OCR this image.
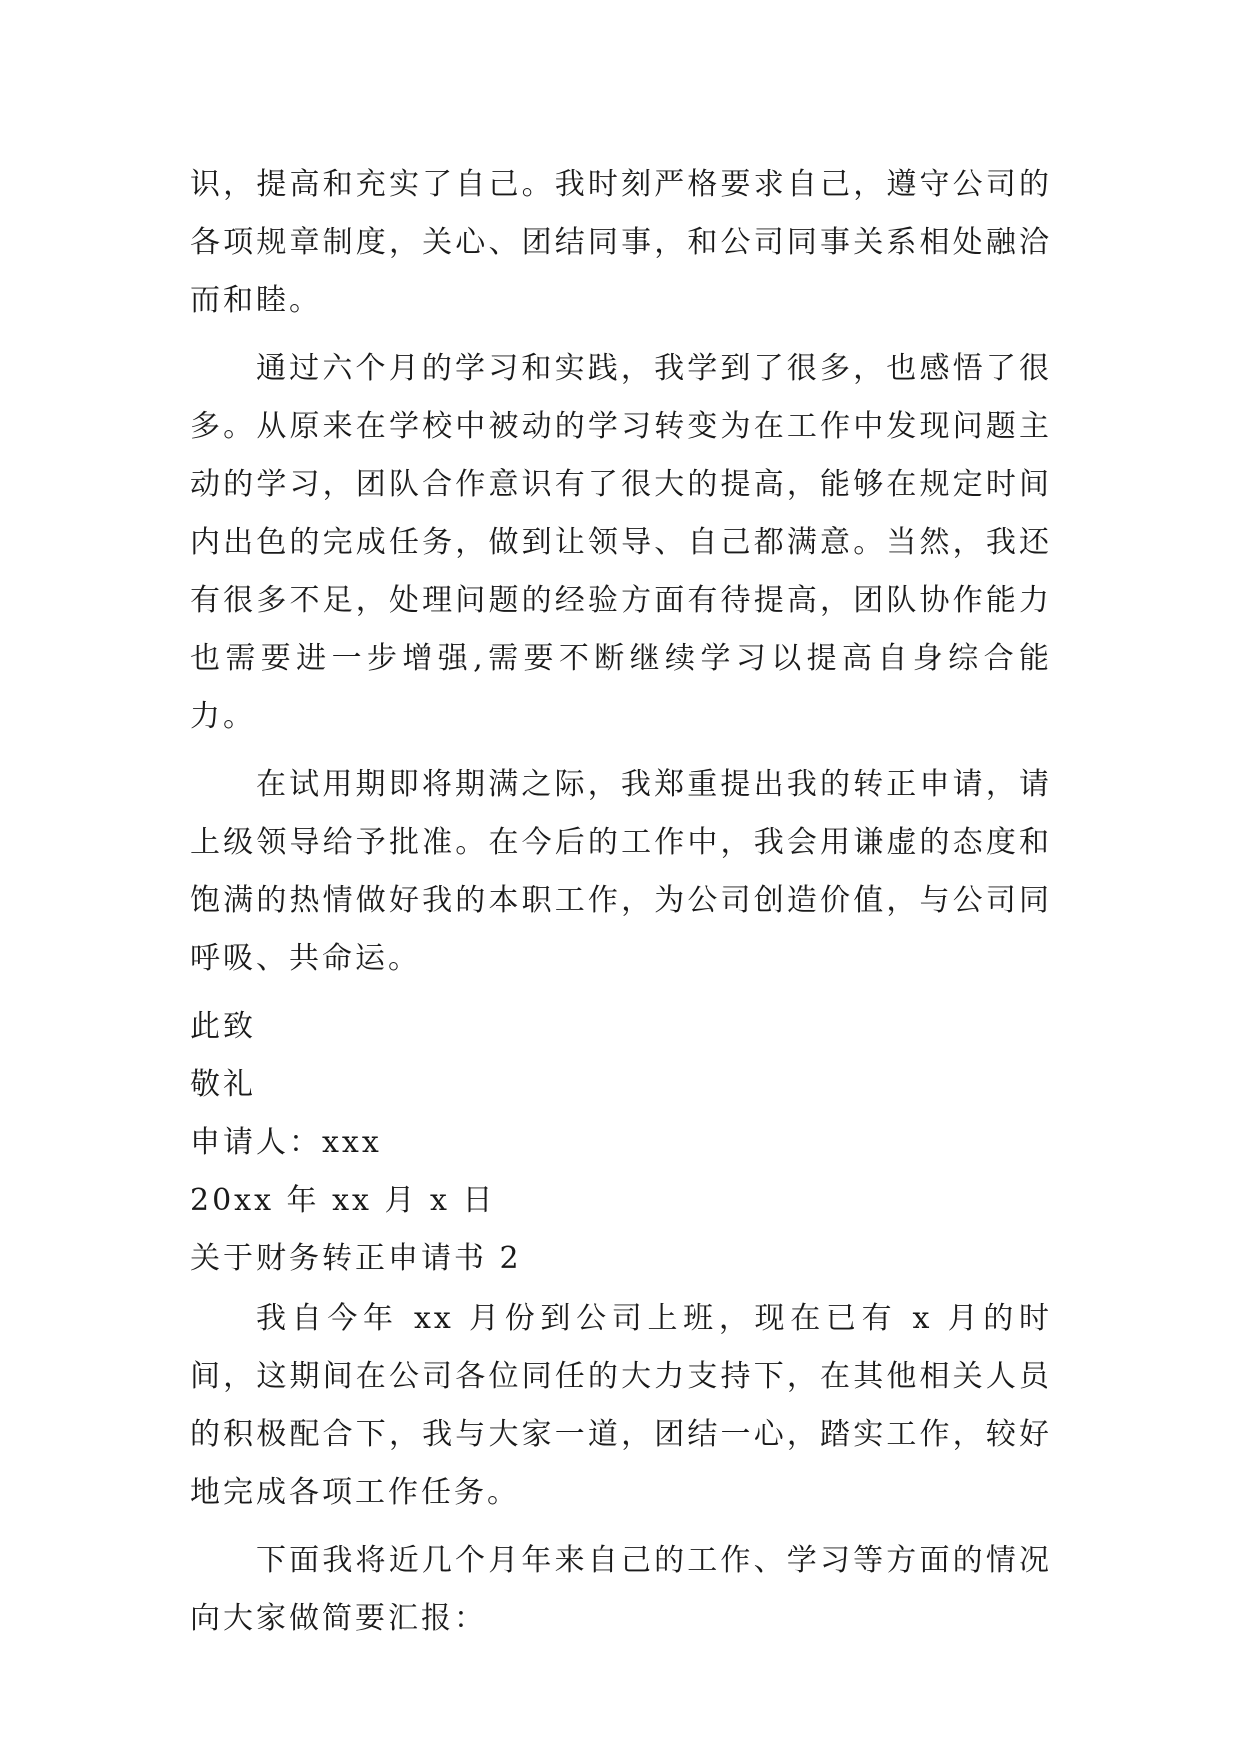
识，提高和充实了自己。我时刻严格要求自己，遵守公司的各项规章制度，关心、团结同事，和公司同事关系相处融洽而和睦。

通过六个月的学习和实践，我学到了很多，也感悟了很多。从原来在学校中被动的学习转变为在工作中发现问题主动的学习，团队合作意识有了很大的提高，能够在规定时间内出色的完成任务，做到让领导、自己都满意。当然，我还有很多不足，处理问题的经验方面有待提高，团队协作能力也需要进一步增强,需要不断继续学习以提高自身综合能力。

在试用期即将期满之际，我郑重提出我的转正申请，请上级领导给予批准。在今后的工作中，我会用谦虚的态度和饱满的热情做好我的本职工作，为公司创造价值，与公司同呼吸、共命运。

此致
敬礼
申请人：xxx
20xx 年 xx 月 x 日
关于财务转正申请书 2

我自今年 xx 月份到公司上班，现在已有 x 月的时间，这期间在公司各位同任的大力支持下，在其他相关人员的积极配合下，我与大家一道，团结一心，踏实工作，较好地完成各项工作任务。

下面我将近几个月年来自己的工作、学习等方面的情况向大家做简要汇报：
